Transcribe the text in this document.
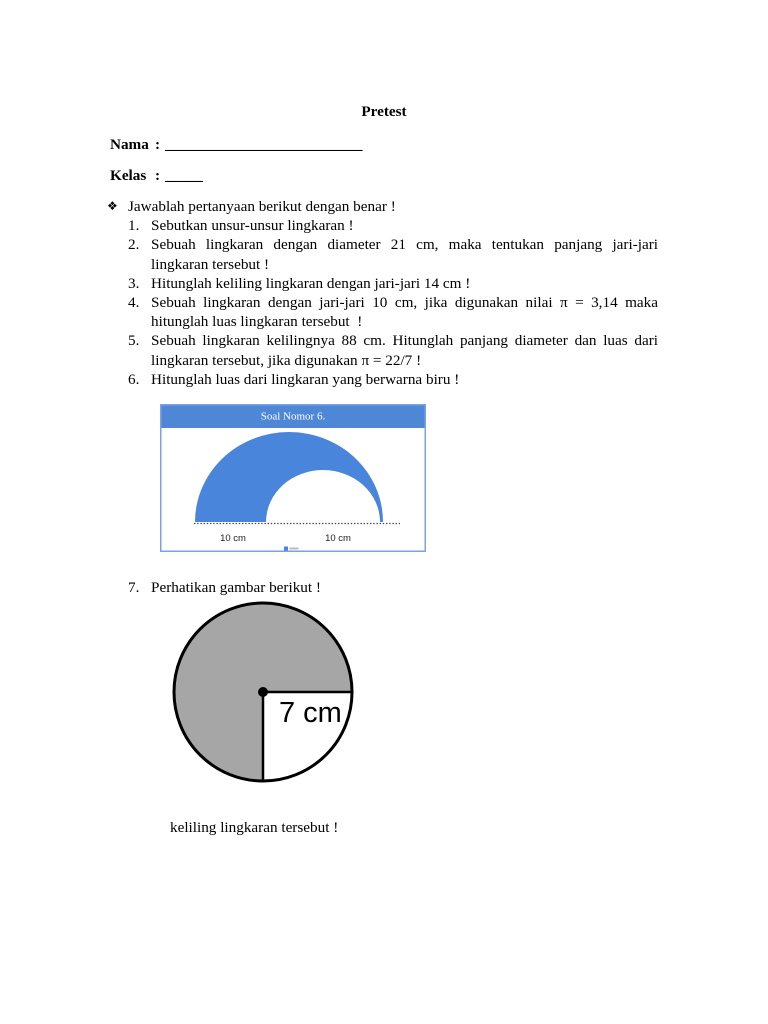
Pretest
Nama : __________________________
Kelas : _____
❖ Jawablah pertanyaan berikut dengan benar !
1. Sebutkan unsur-unsur lingkaran !
2. Sebuah lingkaran dengan diameter 21 cm, maka tentukan panjang jari-jari
lingkaran tersebut !
3. Hitunglah keliling lingkaran dengan jari-jari 14 cm !
4. Sebuah lingkaran dengan jari-jari 10 cm, jika digunakan nilai π = 3,14 maka
hitunglah luas lingkaran tersebut  !
5. Sebuah lingkaran kelilingnya 88 cm. Hitunglah panjang diameter dan luas dari
lingkaran tersebut, jika digunakan π = 22/7 !
6. Hitunglah luas dari lingkaran yang berwarna biru !
Soal Nomor 6.
10 cm	10 cm
7. Perhatikan gambar berikut !
7 cm
keliling lingkaran tersebut !
